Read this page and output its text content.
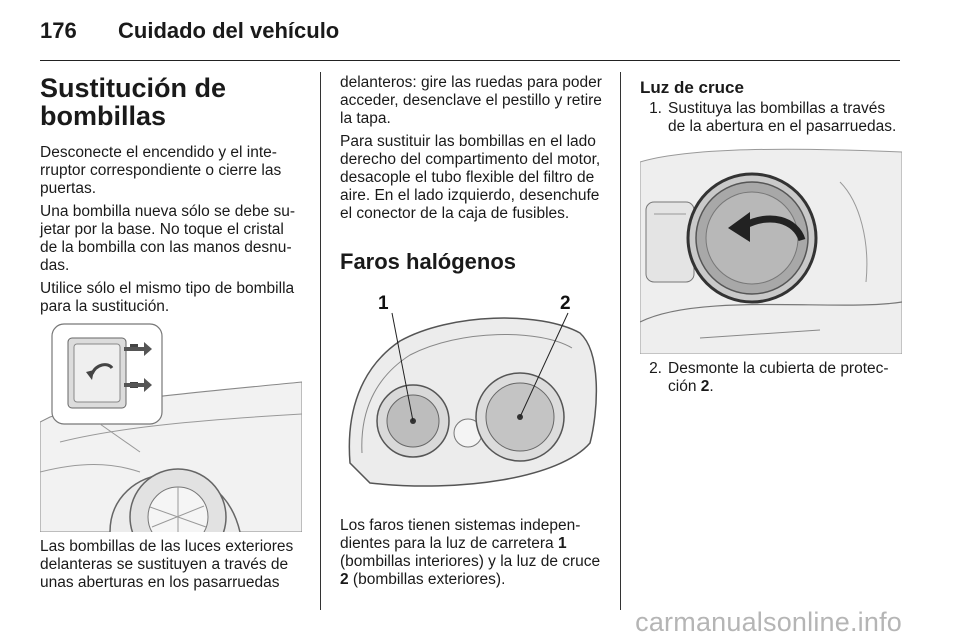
176	Cuidado del vehículo
Sustitución de bombillas

Desconecte el encendido y el interruptor correspondiente o cierre las puertas.

Una bombilla nueva sólo se debe sujetar por la base. No toque el cristal de la bombilla con las manos desnudas.

Utilice sólo el mismo tipo de bombilla para la sustitución.

Las bombillas de las luces exteriores delanteras se sustituyen a través de unas aberturas en los pasarruedas

delanteros: gire las ruedas para poder acceder, desenclave el pestillo y retire la tapa.

Para sustituir las bombillas en el lado derecho del compartimento del motor, desacople el tubo flexible del filtro de aire. En el lado izquierdo, desenchufe el conector de la caja de fusibles.

Faros halógenos
1	2

Los faros tienen sistemas independientes para la luz de carretera 1 (bombillas interiores) y la luz de cruce 2 (bombillas exteriores).

Luz de cruce
1. Sustituya las bombillas a través de la abertura en el pasarruedas.
2. Desmonte la cubierta de protección 2.
carmanualsonline.info
